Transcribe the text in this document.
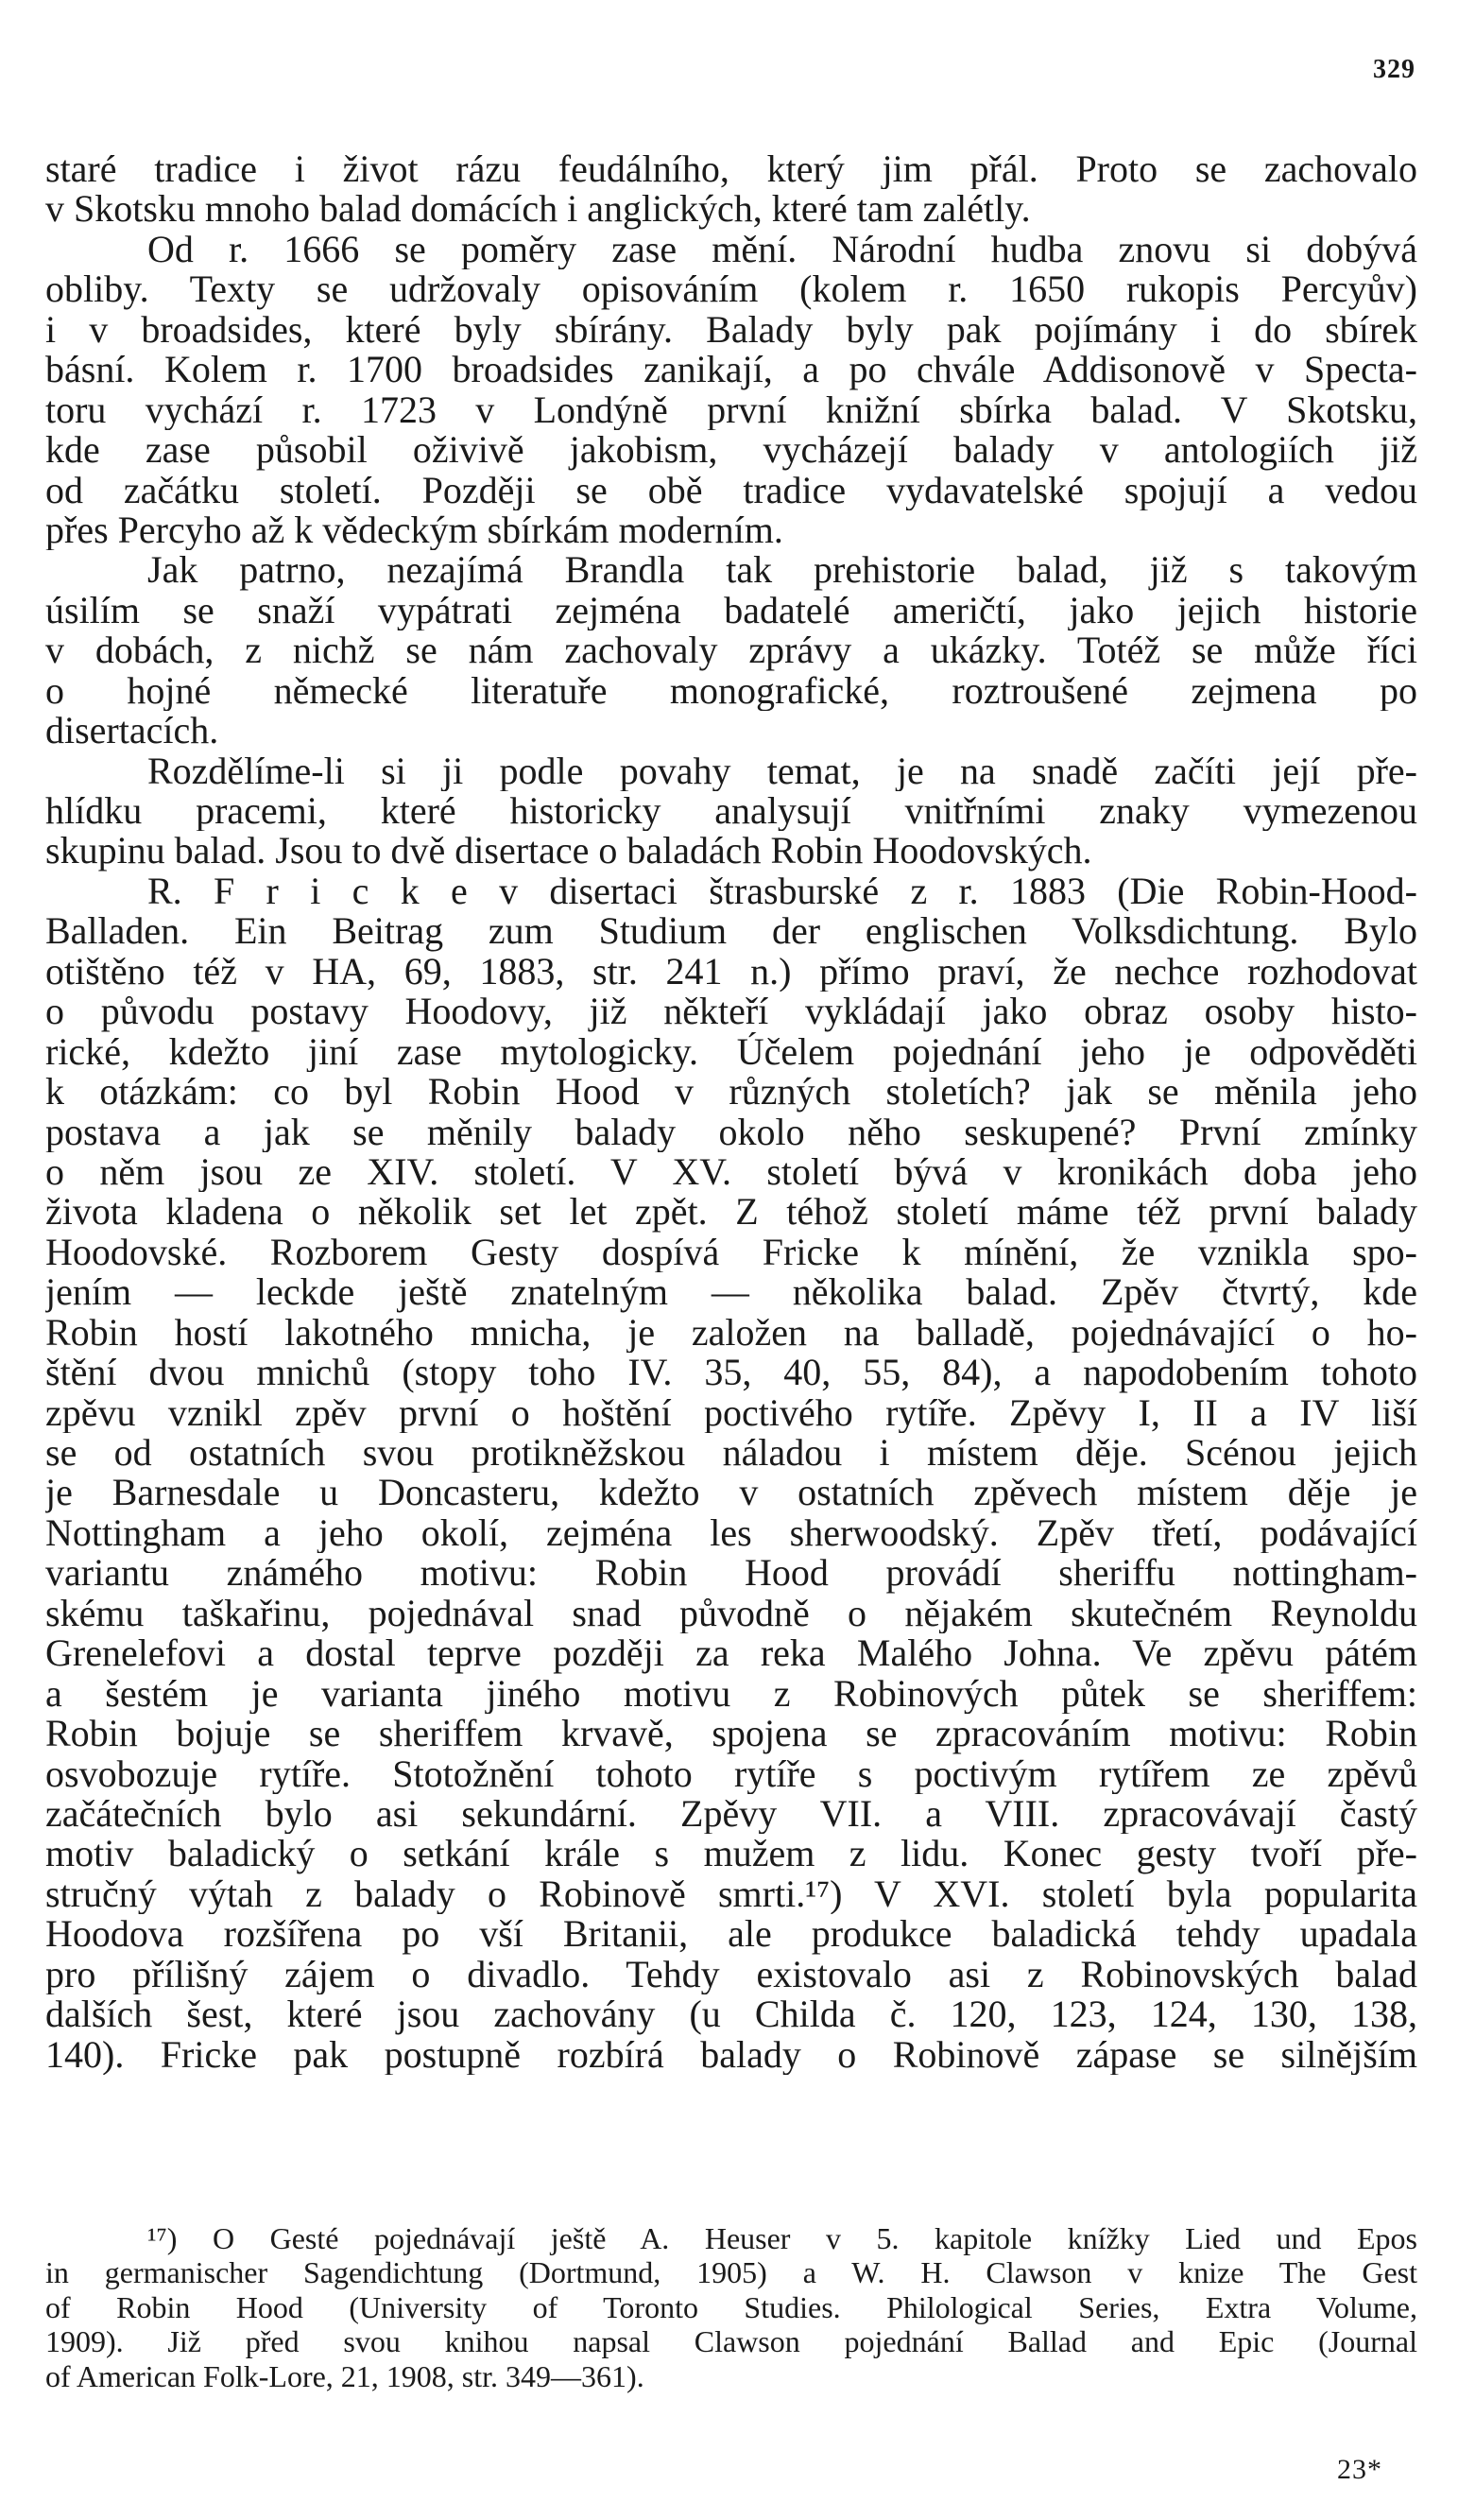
329
staré tradice i život rázu feudálního, který jim přál. Proto se zachovalo
v Skotsku mnoho balad domácích i anglických, které tam zalétly.
Od r. 1666 se poměry zase mění. Národní hudba znovu si dobývá
obliby. Texty se udržovaly opisováním (kolem r. 1650 rukopis Percyův)
i v broadsides, které byly sbírány. Balady byly pak pojímány i do sbírek
básní. Kolem r. 1700 broadsides zanikají, a po chvále Addisonově v Specta-
toru vychází r. 1723 v Londýně první knižní sbírka balad. V Skotsku,
kde zase působil oživivě jakobism, vycházejí balady v antologiích již
od začátku století. Později se obě tradice vydavatelské spojují a vedou
přes Percyho až k vědeckým sbírkám moderním.
Jak patrno, nezajímá Brandla tak prehistorie balad, již s takovým
úsilím se snaží vypátrati zejména badatelé američtí, jako jejich historie
v dobách, z nichž se nám zachovaly zprávy a ukázky. Totéž se může říci
o hojné německé literatuře monografické, roztroušené zejmena po
disertacích.
Rozdělíme-li si ji podle povahy temat, je na snadě začíti její pře-
hlídku pracemi, které historicky analysují vnitřními znaky vymezenou
skupinu balad. Jsou to dvě disertace o baladách Robin Hoodovských.
R. F r i c k e v disertaci štrasburské z r. 1883 (Die Robin-Hood-
Balladen. Ein Beitrag zum Studium der englischen Volksdichtung. Bylo
otištěno též v HA, 69, 1883, str. 241 n.) přímo praví, že nechce rozhodovat
o původu postavy Hoodovy, již někteří vykládají jako obraz osoby histo-
rické, kdežto jiní zase mytologicky. Účelem pojednání jeho je odpověděti
k otázkám: co byl Robin Hood v různých stoletích? jak se měnila jeho
postava a jak se měnily balady okolo něho seskupené? První zmínky
o něm jsou ze XIV. století. V XV. století bývá v kronikách doba jeho
života kladena o několik set let zpět. Z téhož století máme též první balady
Hoodovské. Rozborem Gesty dospívá Fricke k mínění, že vznikla spo-
jením — leckde ještě znatelným — několika balad. Zpěv čtvrtý, kde
Robin hostí lakotného mnicha, je založen na balladě, pojednávající o ho-
štění dvou mnichů (stopy toho IV. 35, 40, 55, 84), a napodobením tohoto
zpěvu vznikl zpěv první o hoštění poctivého rytíře. Zpěvy I, II a IV liší
se od ostatních svou protikněžskou náladou i místem děje. Scénou jejich
je Barnesdale u Doncasteru, kdežto v ostatních zpěvech místem děje je
Nottingham a jeho okolí, zejména les sherwoodský. Zpěv třetí, podávající
variantu známého motivu: Robin Hood provádí sheriffu nottingham-
skému taškařinu, pojednával snad původně o nějakém skutečném Reynoldu
Grenelefovi a dostal teprve později za reka Malého Johna. Ve zpěvu pátém
a šestém je varianta jiného motivu z Robinových půtek se sheriffem:
Robin bojuje se sheriffem krvavě, spojena se zpracováním motivu: Robin
osvobozuje rytíře. Stotožnění tohoto rytíře s poctivým rytířem ze zpěvů
začátečních bylo asi sekundární. Zpěvy VII. a VIII. zpracovávají častý
motiv baladický o setkání krále s mužem z lidu. Konec gesty tvoří pře-
stručný výtah z balady o Robinově smrti.¹⁷) V XVI. století byla popularita
Hoodova rozšířena po vší Britanii, ale produkce baladická tehdy upadala
pro přílišný zájem o divadlo. Tehdy existovalo asi z Robinovských balad
dalších šest, které jsou zachovány (u Childa č. 120, 123, 124, 130, 138,
140). Fricke pak postupně rozbírá balady o Robinově zápase se silnějším
¹⁷) O Gesté pojednávají ještě A. Heuser v 5. kapitole knížky Lied und Epos
in germanischer Sagendichtung (Dortmund, 1905) a W. H. Clawson v knize The Gest
of Robin Hood (University of Toronto Studies. Philological Series, Extra Volume,
1909). Již před svou knihou napsal Clawson pojednání Ballad and Epic (Journal
of American Folk-Lore, 21, 1908, str. 349—361).
23*
